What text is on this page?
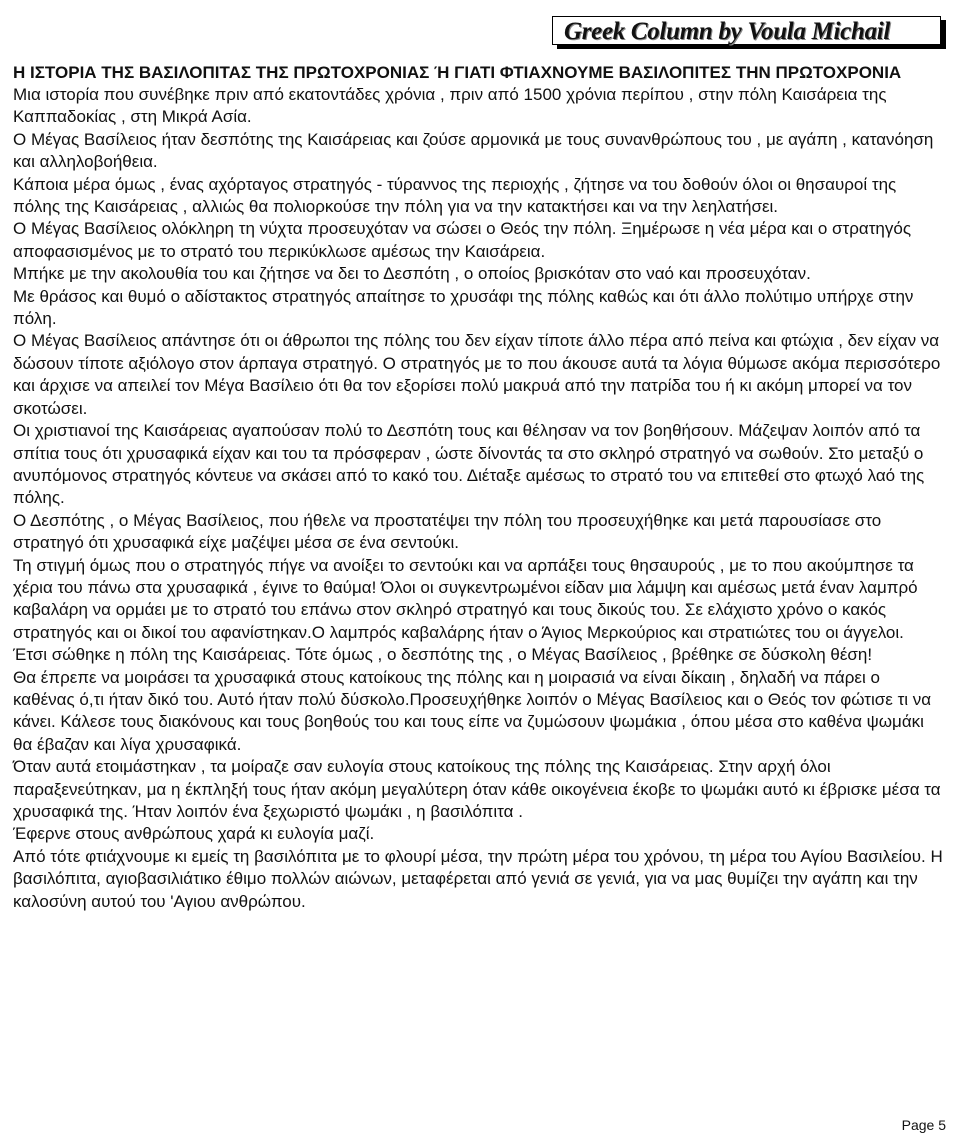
Greek Column by Voula Michail
Η ΙΣΤΟΡΙΑ ΤΗΣ ΒΑΣΙΛΟΠΙΤΑΣ ΤΗΣ ΠΡΩΤΟΧΡΟΝΙΑΣ Ή ΓΙΑΤΙ ΦΤΙΑΧΝΟΥΜΕ ΒΑΣΙΛΟΠΙΤΕΣ ΤΗΝ ΠΡΩΤΟΧΡΟΝΙΑ

Μια ιστορία που συνέβηκε πριν από εκατοντάδες χρόνια , πριν από 1500 χρόνια περίπου , στην πόλη Καισάρεια της Καππαδοκίας , στη Μικρά Ασία.

Ο Μέγας Βασίλειος ήταν δεσπότης της Καισάρειας και ζούσε αρμονικά με τους συνανθρώπους του , με αγάπη , κατανόηση και αλληλοβοήθεια.

Κάποια μέρα όμως , ένας αχόρταγος στρατηγός - τύραννος της περιοχής , ζήτησε να του δοθούν όλοι οι θησαυροί της πόλης της Καισάρειας , αλλιώς θα πολιορκούσε την πόλη για να την κατακτήσει και να την λεηλατήσει.

Ο Μέγας Βασίλειος ολόκληρη τη νύχτα προσευχόταν να σώσει ο Θεός την πόλη. Ξημέρωσε η νέα μέρα και ο στρατηγός αποφασισμένος με το στρατό του περικύκλωσε αμέσως την Καισάρεια.

Μπήκε με την ακολουθία του και ζήτησε να δει το Δεσπότη , ο οποίος βρισκόταν στο ναό και προσευχόταν.

Με θράσος και θυμό ο αδίστακτος στρατηγός απαίτησε το χρυσάφι της πόλης καθώς και ότι άλλο πολύτιμο υπήρχε στην πόλη.

Ο Μέγας Βασίλειος απάντησε ότι οι άθρωποι της πόλης του δεν είχαν τίποτε άλλο πέρα από πείνα και φτώχια , δεν είχαν να δώσουν τίποτε αξιόλογο στον άρπαγα στρατηγό. Ο στρατηγός με το που άκουσε αυτά τα λόγια θύμωσε ακόμα περισσότερο και άρχισε να απειλεί τον Μέγα Βασίλειο ότι θα τον εξορίσει πολύ μακρυά από την πατρίδα του ή κι ακόμη μπορεί να τον σκοτώσει.

Οι χριστιανοί της Καισάρειας αγαπούσαν πολύ το Δεσπότη τους και θέλησαν να τον βοηθήσουν. Μάζεψαν λοιπόν από τα σπίτια τους ότι χρυσαφικά είχαν και του τα πρόσφεραν , ώστε δίνοντάς τα στο σκληρό στρατηγό να σωθούν. Στο μεταξύ ο ανυπόμονος στρατηγός κόντευε να σκάσει από το κακό του. Διέταξε αμέσως το στρατό του να επιτεθεί στο φτωχό λαό της πόλης.

Ο Δεσπότης , ο Μέγας Βασίλειος, που ήθελε να προστατέψει την πόλη του προσευχήθηκε και μετά παρουσίασε στο στρατηγό ότι χρυσαφικά είχε μαζέψει μέσα σε ένα σεντούκι.

Τη στιγμή όμως που ο στρατηγός πήγε να ανοίξει το σεντούκι και να αρπάξει τους θησαυρούς , με το που ακούμπησε τα χέρια του πάνω στα χρυσαφικά , έγινε το θαύμα! Όλοι οι συγκεντρωμένοι είδαν μια λάμψη και αμέσως μετά έναν λαμπρό καβαλάρη να ορμάει με το στρατό του επάνω στον σκληρό στρατηγό και τους δικούς του. Σε ελάχιστο χρόνο ο κακός στρατηγός και οι δικοί του αφανίστηκαν.Ο λαμπρός καβαλάρης ήταν ο Άγιος Μερκούριος και στρατιώτες του οι άγγελοι.

Έτσι σώθηκε η πόλη της Καισάρειας. Τότε όμως , ο δεσπότης της , ο Μέγας Βασίλειος , βρέθηκε σε δύσκολη θέση!

Θα έπρεπε να μοιράσει τα χρυσαφικά στους κατοίκους της πόλης και η μοιρασιά να είναι δίκαιη , δηλαδή να πάρει ο καθένας ό,τι ήταν δικό του. Αυτό ήταν πολύ δύσκολο.Προσευχήθηκε λοιπόν ο Μέγας Βασίλειος και ο Θεός τον φώτισε τι να κάνει. Κάλεσε τους διακόνους και τους βοηθούς του και τους είπε να ζυμώσουν ψωμάκια , όπου μέσα στο καθένα ψωμάκι θα έβαζαν και λίγα χρυσαφικά.

Όταν αυτά ετοιμάστηκαν , τα μοίραζε σαν ευλογία στους κατοίκους της πόλης της Καισάρειας. Στην αρχή όλοι παραξενεύτηκαν, μα η έκπληξή τους ήταν ακόμη μεγαλύτερη όταν κάθε οικογένεια έκοβε το ψωμάκι αυτό κι έβρισκε μέσα τα χρυσαφικά της. Ήταν λοιπόν ένα ξεχωριστό ψωμάκι , η βασιλόπιτα .

Έφερνε στους ανθρώπους χαρά κι ευλογία μαζί.

Από τότε φτιάχνουμε κι εμείς τη βασιλόπιτα με το φλουρί μέσα, την πρώτη μέρα του χρόνου, τη μέρα του Αγίου Βασιλείου. Η βασιλόπιτα, αγιοβασιλιάτικο έθιμο πολλών αιώνων, μεταφέρεται από γενιά σε γενιά, για να μας θυμίζει την αγάπη και την καλοσύνη αυτού του 'Αγιου ανθρώπου.

Page 5
